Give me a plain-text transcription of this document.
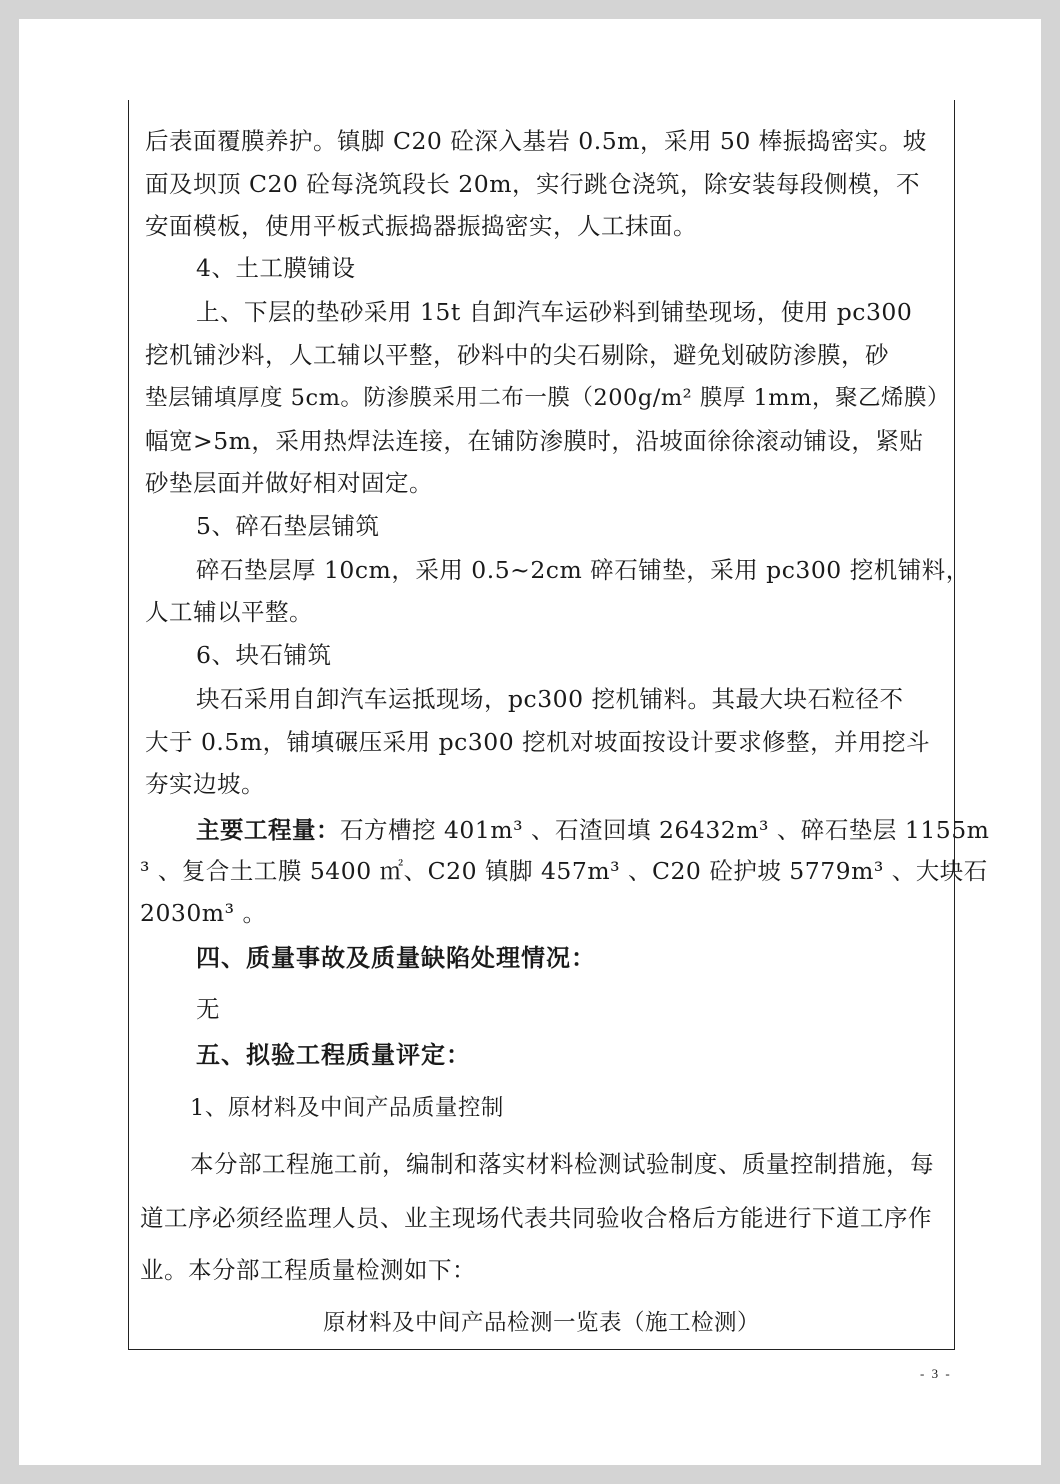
后表面覆膜养护。镇脚 C20 砼深入基岩 0.5m，采用 50 棒振捣密实。坡
面及坝顶 C20 砼每浇筑段长 20m，实行跳仓浇筑，除安装每段侧模，不
安面模板，使用平板式振捣器振捣密实，人工抹面。
4、土工膜铺设
上、下层的垫砂采用 15t 自卸汽车运砂料到铺垫现场，使用 pc300
挖机铺沙料，人工辅以平整，砂料中的尖石剔除，避免划破防渗膜，砂
垫层铺填厚度 5cm。防渗膜采用二布一膜（200g/m² 膜厚 1mm，聚乙烯膜）
幅宽>5m，采用热焊法连接，在铺防渗膜时，沿坡面徐徐滚动铺设，紧贴
砂垫层面并做好相对固定。
5、碎石垫层铺筑
碎石垫层厚 10cm，采用 0.5~2cm 碎石铺垫，采用 pc300 挖机铺料，
人工辅以平整。
6、块石铺筑
块石采用自卸汽车运抵现场，pc300 挖机铺料。其最大块石粒径不
大于 0.5m，铺填碾压采用 pc300 挖机对坡面按设计要求修整，并用挖斗
夯实边坡。
主要工程量：石方槽挖 401m³ 、石渣回填 26432m³ 、碎石垫层 1155m
³ 、复合土工膜 5400 ㎡、C20 镇脚 457m³ 、C20 砼护坡 5779m³ 、大块石
2030m³ 。
四、质量事故及质量缺陷处理情况：
无
五、拟验工程质量评定：
1、原材料及中间产品质量控制
本分部工程施工前，编制和落实材料检测试验制度、质量控制措施，每
道工序必须经监理人员、业主现场代表共同验收合格后方能进行下道工序作
业。本分部工程质量检测如下：
原材料及中间产品检测一览表（施工检测）
- 3 -
